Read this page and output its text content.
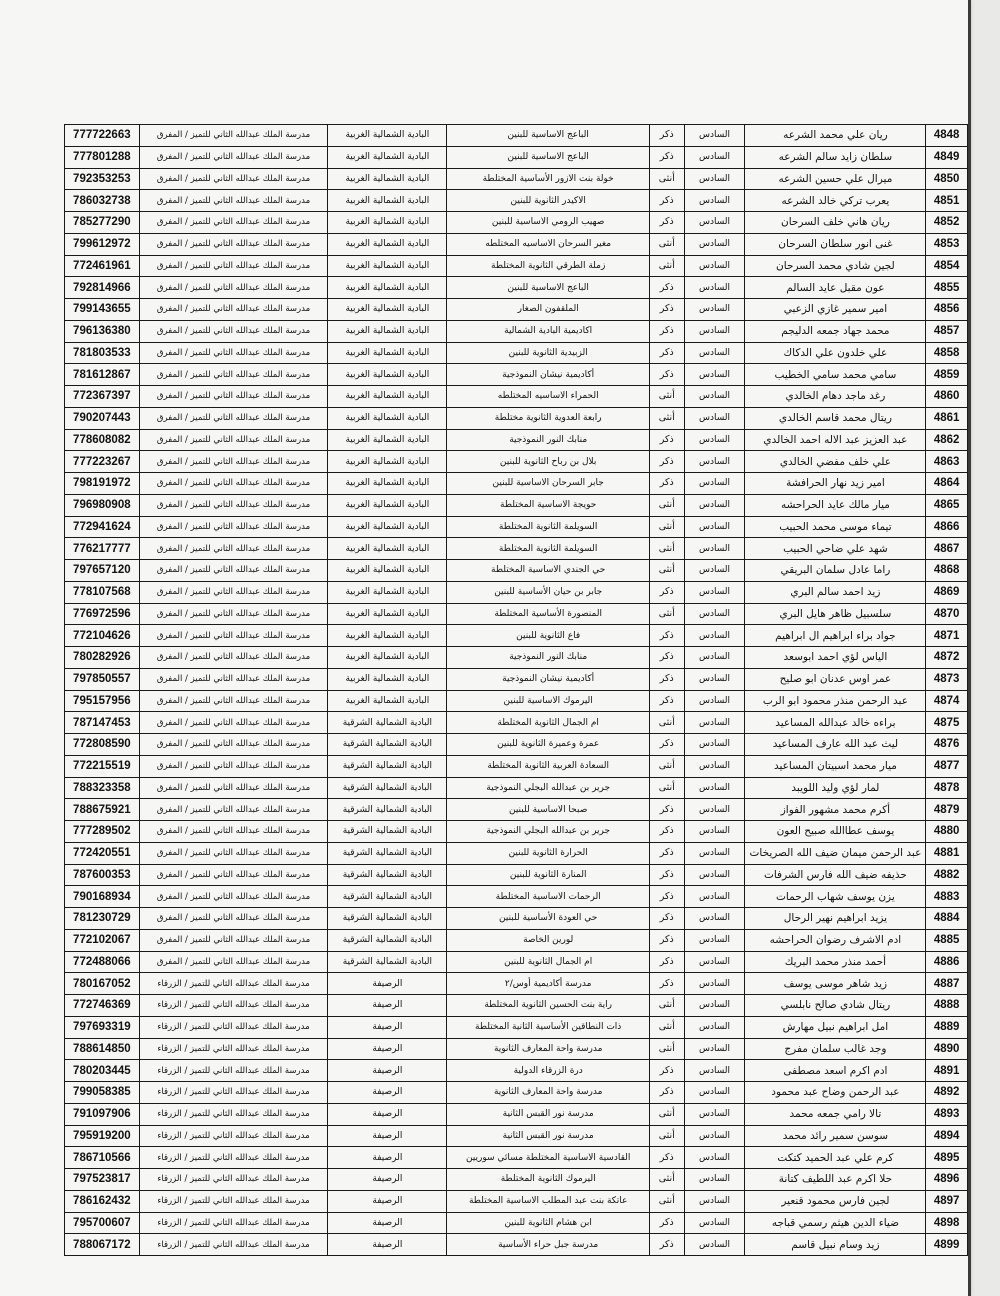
4848	ريان علي محمد الشرعه	السادس	ذكر	الباعج الاساسية للبنين	البادية الشمالية الغربية	مدرسة الملك عبدالله الثاني للتميز / المفرق	777722663
4849	سلطان زايد سالم الشرعه	السادس	ذكر	الباعج الاساسية للبنين	البادية الشمالية الغربية	مدرسة الملك عبدالله الثاني للتميز / المفرق	777801288
4850	ميرال علي حسين الشرعه	السادس	أنثى	خولة بنت الازور الأساسية المختلطة	البادية الشمالية الغربية	مدرسة الملك عبدالله الثاني للتميز / المفرق	792353253
4851	يعرب تركي خالد الشرعه	السادس	ذكر	الاكيدر الثانوية للبنين	البادية الشمالية الغربية	مدرسة الملك عبدالله الثاني للتميز / المفرق	786032738
4852	ريان هاني خلف السرحان	السادس	ذكر	صهيب الرومي الاساسية للبنين	البادية الشمالية الغربية	مدرسة الملك عبدالله الثاني للتميز / المفرق	785277290
4853	غنى انور سلطان السرحان	السادس	أنثى	مغير السرحان الاساسيه المختلطه	البادية الشمالية الغربية	مدرسة الملك عبدالله الثاني للتميز / المفرق	799612972
4854	لجين شادي محمد السرحان	السادس	أنثى	زملة الطرقي الثانوية المختلطة	البادية الشمالية الغربية	مدرسة الملك عبدالله الثاني للتميز / المفرق	772461961
4855	عون مقبل عايد السالم	السادس	ذكر	الباعج الاساسية للبنين	البادية الشمالية الغربية	مدرسة الملك عبدالله الثاني للتميز / المفرق	792814966
4856	امير سمير غازي الزعبي	السادس	ذكر	الملقفون الصغار	البادية الشمالية الغربية	مدرسة الملك عبدالله الثاني للتميز / المفرق	799143655
4857	محمد جهاد جمعه الدليجم	السادس	ذكر	اكاديمية البادية الشمالية	البادية الشمالية الغربية	مدرسة الملك عبدالله الثاني للتميز / المفرق	796136380
4858	علي خلدون علي الدكاك	السادس	ذكر	الزبيدية الثانوية للبنين	البادية الشمالية الغربية	مدرسة الملك عبدالله الثاني للتميز / المفرق	781803533
4859	سامي محمد سامي الخطيب	السادس	ذكر	أكاديمية نيشان النموذجية	البادية الشمالية الغربية	مدرسة الملك عبدالله الثاني للتميز / المفرق	781612867
4860	رغد ماجد دهام الخالدي	السادس	أنثى	الحمراء الاساسيه المختلطه	البادية الشمالية الغربية	مدرسة الملك عبدالله الثاني للتميز / المفرق	772367397
4861	ريتال محمد قاسم الخالدي	السادس	أنثى	رابعة العدوية الثانوية مختلطة	البادية الشمالية الغربية	مدرسة الملك عبدالله الثاني للتميز / المفرق	790207443
4862	عبد العزيز عبد الاله احمد الخالدي	السادس	ذكر	منابك النور النموذجية	البادية الشمالية الغربية	مدرسة الملك عبدالله الثاني للتميز / المفرق	778608082
4863	علي خلف مفضي الخالدي	السادس	ذكر	بلال بن رباح الثانوية للبنين	البادية الشمالية الغربية	مدرسة الملك عبدالله الثاني للتميز / المفرق	777223267
4864	امير زيد نهار الحرافشة	السادس	ذكر	جابر السرحان الاساسية للبنين	البادية الشمالية الغربية	مدرسة الملك عبدالله الثاني للتميز / المفرق	798191972
4865	ميار مالك عايد الحراحشه	السادس	أنثى	حويجة الاساسية المختلطة	البادية الشمالية الغربية	مدرسة الملك عبدالله الثاني للتميز / المفرق	796980908
4866	تيماء موسى محمد الحبيب	السادس	أنثى	السويلمة الثانوية المختلطة	البادية الشمالية الغربية	مدرسة الملك عبدالله الثاني للتميز / المفرق	772941624
4867	شهد علي ضاحي الحبيب	السادس	أنثى	السويلمة الثانوية المختلطة	البادية الشمالية الغربية	مدرسة الملك عبدالله الثاني للتميز / المفرق	776217777
4868	راما عادل سلمان البريقي	السادس	أنثى	حي الجندي الاساسية المختلطة	البادية الشمالية الغربية	مدرسة الملك عبدالله الثاني للتميز / المفرق	797657120
4869	زيد احمد سالم البري	السادس	ذكر	جابر بن حيان الأساسية للبنين	البادية الشمالية الغربية	مدرسة الملك عبدالله الثاني للتميز / المفرق	778107568
4870	سلسبيل ظاهر هايل البري	السادس	أنثى	المنصورة الأساسية المختلطة	البادية الشمالية الغربية	مدرسة الملك عبدالله الثاني للتميز / المفرق	776972596
4871	جواد براء ابراهيم ال ابراهيم	السادس	ذكر	فاع الثانوية للبنين	البادية الشمالية الغربية	مدرسة الملك عبدالله الثاني للتميز / المفرق	772104626
4872	الياس لؤي احمد ابوسعد	السادس	ذكر	منابك النور النموذجية	البادية الشمالية الغربية	مدرسة الملك عبدالله الثاني للتميز / المفرق	780282926
4873	عمر اوس عدنان ابو صليح	السادس	ذكر	أكاديمية نيشان النموذجية	البادية الشمالية الغربية	مدرسة الملك عبدالله الثاني للتميز / المفرق	797850557
4874	عبد الرحمن منذر محمود ابو الرب	السادس	ذكر	اليرموك الاساسية للبنين	البادية الشمالية الغربية	مدرسة الملك عبدالله الثاني للتميز / المفرق	795157956
4875	براءه خالد عبدالله المساعيد	السادس	أنثى	ام الجمال الثانوية المختلطة	البادية الشمالية الشرقية	مدرسة الملك عبدالله الثاني للتميز / المفرق	787147453
4876	ليث عبد الله عارف المساعيد	السادس	ذكر	عمرة وعميرة الثانوية للبنين	البادية الشمالية الشرقية	مدرسة الملك عبدالله الثاني للتميز / المفرق	772808590
4877	ميار محمد اسبيتان المساعيد	السادس	أنثى	السعادة العربية الثانوية المختلطة	البادية الشمالية الشرقية	مدرسة الملك عبدالله الثاني للتميز / المفرق	772215519
4878	لمار لؤي وليد اللويبد	السادس	أنثى	جرير بن عبدالله البجلي النموذجية	البادية الشمالية الشرقية	مدرسة الملك عبدالله الثاني للتميز / المفرق	788323358
4879	أكرم محمد مشهور الفواز	السادس	ذكر	صبحا الاساسية للبنين	البادية الشمالية الشرقية	مدرسة الملك عبدالله الثاني للتميز / المفرق	788675921
4880	يوسف عطاالله صبيح العون	السادس	ذكر	جرير بن عبدالله البجلي النموذجية	البادية الشمالية الشرقية	مدرسة الملك عبدالله الثاني للتميز / المفرق	777289502
4881	عبد الرحمن ميمان ضيف الله الصريخات	السادس	ذكر	الحرارة الثانوية للبنين	البادية الشمالية الشرقية	مدرسة الملك عبدالله الثاني للتميز / المفرق	772420551
4882	حذيفه ضيف الله فارس الشرفات	السادس	ذكر	المنارة الثانوية للبنين	البادية الشمالية الشرقية	مدرسة الملك عبدالله الثاني للتميز / المفرق	787600353
4883	يزن يوسف شهاب الرحمات	السادس	ذكر	الرحمات الاساسية المختلطة	البادية الشمالية الشرقية	مدرسة الملك عبدالله الثاني للتميز / المفرق	790168934
4884	يزيد ابراهيم نهير الرحال	السادس	ذكر	حي العودة الأساسية للبنين	البادية الشمالية الشرقية	مدرسة الملك عبدالله الثاني للتميز / المفرق	781230729
4885	ادم الاشرف رضوان الحراحشه	السادس	ذكر	لورين الخاصة	البادية الشمالية الشرقية	مدرسة الملك عبدالله الثاني للتميز / المفرق	772102067
4886	أحمد منذر محمد البريك	السادس	ذكر	ام الجمال الثانوية للبنين	البادية الشمالية الشرقية	مدرسة الملك عبدالله الثاني للتميز / المفرق	772488066
4887	زيد شاهر موسى يوسف	السادس	ذكر	مدرسة أكاديمية أوس/٢	الرصيفة	مدرسة الملك عبدالله الثاني للتميز / الزرقاء	780167052
4888	ريتال شادي صالح نابلسي	السادس	أنثى	راية بنت الحسين الثانوية المختلطة	الرصيفة	مدرسة الملك عبدالله الثاني للتميز / الزرقاء	772746369
4889	امل ابراهيم نبيل مهارش	السادس	أنثى	ذات النطاقين الأساسية الثانية المختلطة	الرصيفة	مدرسة الملك عبدالله الثاني للتميز / الزرقاء	797693319
4890	وجد غالب سلمان مفرج	السادس	أنثى	مدرسة واحة المعارف الثانوية	الرصيفة	مدرسة الملك عبدالله الثاني للتميز / الزرقاء	788614850
4891	ادم اكرم اسعد مصطفى	السادس	ذكر	درة الزرقاء الدولية	الرصيفة	مدرسة الملك عبدالله الثاني للتميز / الزرقاء	780203445
4892	عبد الرحمن وضاح عبد محمود	السادس	ذكر	مدرسة واحة المعارف الثانوية	الرصيفة	مدرسة الملك عبدالله الثاني للتميز / الزرقاء	799058385
4893	تالا رامي جمعه محمد	السادس	أنثى	مدرسة نور القبس الثانية	الرصيفة	مدرسة الملك عبدالله الثاني للتميز / الزرقاء	791097906
4894	سوسن سمير رائد محمد	السادس	أنثى	مدرسة نور القبس الثانية	الرصيفة	مدرسة الملك عبدالله الثاني للتميز / الزرقاء	795919200
4895	كرم علي عبد الحميد كتكت	السادس	ذكر	القادسية الاساسية المختلطة مسائي سوريين	الرصيفة	مدرسة الملك عبدالله الثاني للتميز / الزرقاء	786710566
4896	حلا اكرم عبد اللطيف كتانة	السادس	أنثى	اليرموك الثانوية المختلطة	الرصيفة	مدرسة الملك عبدالله الثاني للتميز / الزرقاء	797523817
4897	لجين فارس محمود قنعير	السادس	أنثى	عاتكة بنت عبد المطلب الاساسية المختلطة	الرصيفة	مدرسة الملك عبدالله الثاني للتميز / الزرقاء	786162432
4898	ضياء الدين هيثم رسمي قباجه	السادس	ذكر	ابن هشام الثانوية للبنين	الرصيفة	مدرسة الملك عبدالله الثاني للتميز / الزرقاء	795700607
4899	زيد وسام نبيل قاسم	السادس	ذكر	مدرسة جبل حراء الأساسية	الرصيفة	مدرسة الملك عبدالله الثاني للتميز / الزرقاء	788067172
